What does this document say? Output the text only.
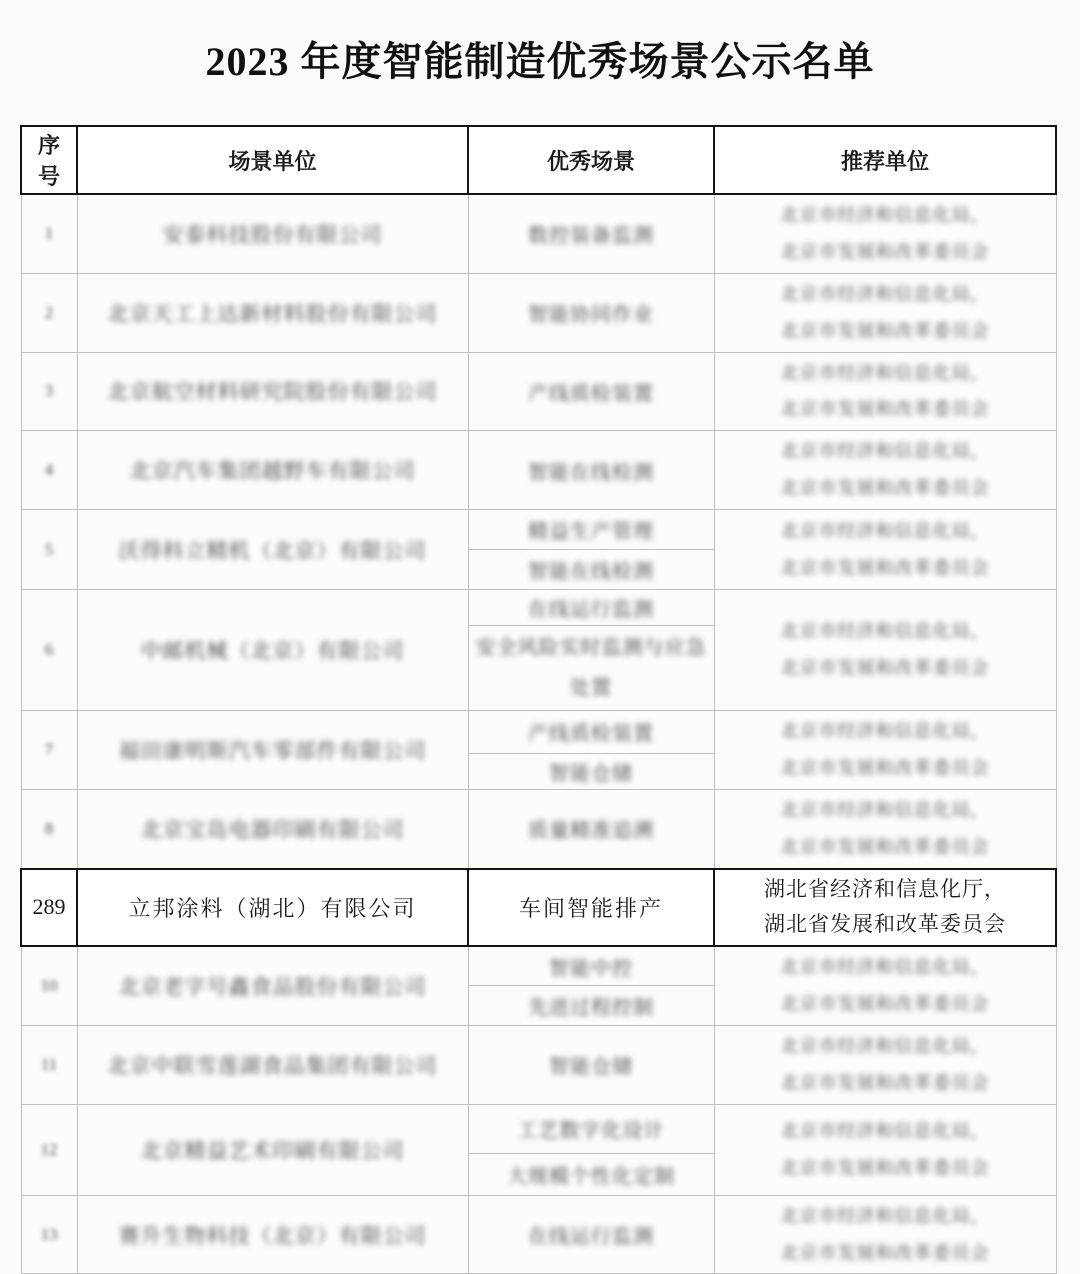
2023 年度智能制造优秀场景公示名单
序号	场景单位	优秀场景	推荐单位
1	安泰科技股份有限公司	数控装备监测	北京市经济和信息化局，
北京市发展和改革委员会

2	北京天工上达新材料股份有限公司	智能协同作业	北京市经济和信息化局，
北京市发展和改革委员会

3	北京航空材料研究院股份有限公司	产线质检装置	北京市经济和信息化局，
北京市发展和改革委员会

4	北京汽车集团越野车有限公司	智能在线检测	北京市经济和信息化局，
北京市发展和改革委员会

5	沃得科立精机（北京）有限公司	精益生产管理	北京市经济和信息化局，
北京市发展和改革委员会

		智能在线检测	
6	中邮机械（北京）有限公司	在线运行监测	北京市经济和信息化局，
北京市发展和改革委员会

		安全风险实时监测与应急处置	
7	福田康明斯汽车零部件有限公司	产线质检装置	北京市经济和信息化局，
北京市发展和改革委员会

		智能仓储	
8	北京宝岛电器印刷有限公司	质量精准追溯	北京市经济和信息化局，
北京市发展和改革委员会

289	立邦涂料（湖北）有限公司	车间智能排产	湖北省经济和信息化厅，
湖北省发展和改革委员会

10	北京老字号鑫食品股份有限公司	智能中控	北京市经济和信息化局，
北京市发展和改革委员会

		先进过程控制	
11	北京中联雪莲湖食品集团有限公司	智能仓储	北京市经济和信息化局，
北京市发展和改革委员会

12	北京精益艺术印刷有限公司	工艺数字化设计	北京市经济和信息化局，
北京市发展和改革委员会

		大规模个性化定制	
13	赛升生物科技（北京）有限公司	在线运行监测	北京市经济和信息化局，
北京市发展和改革委员会
